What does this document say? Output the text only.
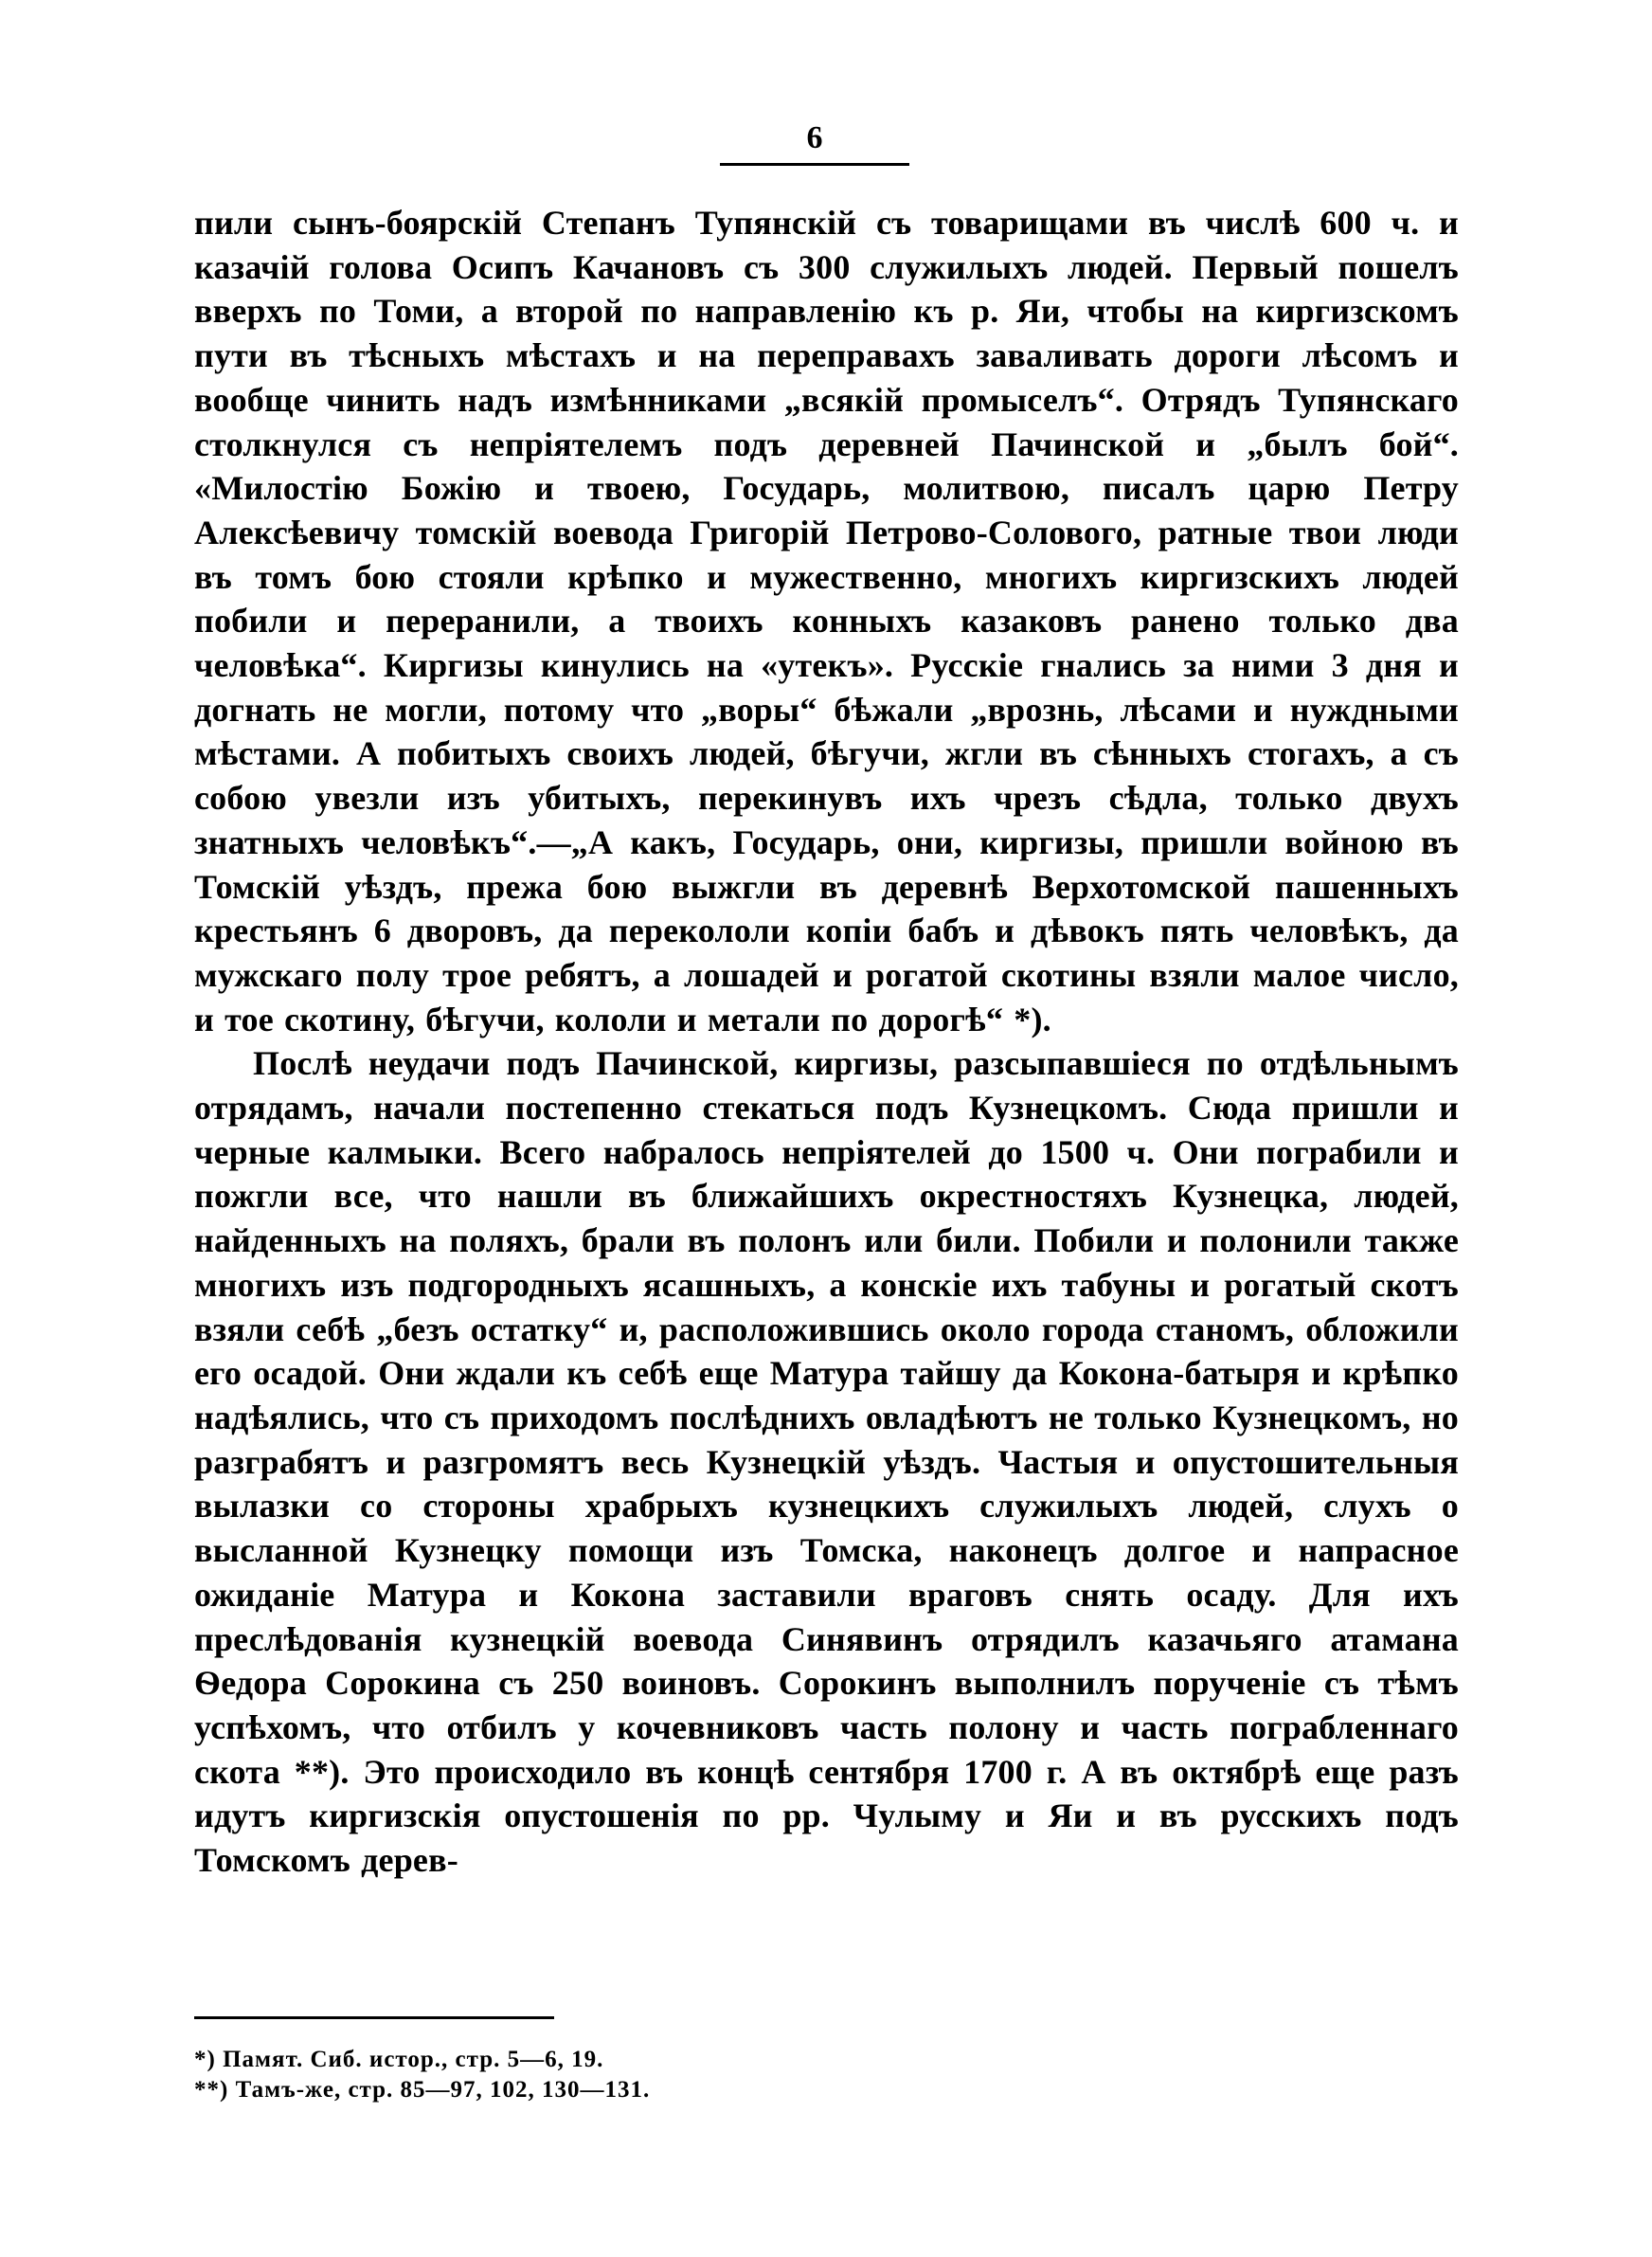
6

пили сынъ-боярскій Степанъ Тупянскій съ товарищами въ числѣ 600 ч. и казачій голова Осипъ Качановъ съ 300 служилыхъ людей. Первый пошелъ вверхъ по Томи, а второй по направленію къ р. Яи, чтобы на киргизскомъ пути въ тѣсныхъ мѣстахъ и на переправахъ заваливать дороги лѣсомъ и вообще чинить надъ измѣнниками „всякій промыселъ“. Отрядъ Тупянскаго столкнулся съ непріятелемъ подъ деревней Пачинской и „былъ бой“. «Милостію Божію и твоею, Государь, молитвою, писалъ царю Петру Алексѣевичу томскій воевода Григорій Петрово-Солового, ратные твои люди въ томъ бою стояли крѣпко и мужественно, многихъ киргизскихъ людей побили и переранили, а твоихъ конныхъ казаковъ ранено только два человѣка“. Киргизы кинулись на «утекъ». Русскіе гнались за ними 3 дня и догнать не могли, потому что „воры“ бѣжали „врознь, лѣсами и нуждными мѣстами. А побитыхъ своихъ людей, бѣгучи, жгли въ сѣнныхъ стогахъ, а съ собою увезли изъ убитыхъ, перекинувъ ихъ чрезъ сѣдла, только двухъ знатныхъ человѣкъ“.—„А какъ, Государь, они, киргизы, пришли войною въ Томскій уѣздъ, прежа бою выжгли въ деревнѣ Верхотомской пашенныхъ крестьянъ 6 дворовъ, да перекололи копіи бабъ и дѣвокъ пять человѣкъ, да мужскаго полу трое ребятъ, а лошадей и рогатой скотины взяли малое число, и тое скотину, бѣгучи, кололи и метали по дорогѣ“ *).

Послѣ неудачи подъ Пачинской, киргизы, разсыпавшіеся по отдѣльнымъ отрядамъ, начали постепенно стекаться подъ Кузнецкомъ. Сюда пришли и черные калмыки. Всего набралось непріятелей до 1500 ч. Они пограбили и пожгли все, что нашли въ ближайшихъ окрестностяхъ Кузнецка, людей, найденныхъ на поляхъ, брали въ полонъ или били. Побили и полонили также многихъ изъ подгородныхъ ясашныхъ, а конскіе ихъ табуны и рогатый скотъ взяли себѣ „безъ остатку“ и, расположившись около города станомъ, обложили его осадой. Они ждали къ себѣ еще Матура тайшу да Кокона-батыря и крѣпко надѣялись, что съ приходомъ послѣднихъ овладѣютъ не только Кузнецкомъ, но разграбятъ и разгромятъ весь Кузнецкій уѣздъ. Частыя и опустошительныя вылазки со стороны храбрыхъ кузнецкихъ служилыхъ людей, слухъ о высланной Кузнецку помощи изъ Томска, наконецъ долгое и напрасное ожиданіе Матура и Кокона заставили враговъ снять осаду. Для ихъ преслѣдованія кузнецкій воевода Синявинъ отрядилъ казачьяго атамана Ѳедора Сорокина съ 250 воиновъ. Сорокинъ выполнилъ порученіе съ тѣмъ успѣхомъ, что отбилъ у кочевниковъ часть полону и часть пограбленнаго скота **). Это происходило въ концѣ сентября 1700 г. А въ октябрѣ еще разъ идутъ киргизскія опустошенія по рр. Чулыму и Яи и въ русскихъ подъ Томскомъ дерев-

*) Памят. Сиб. истор., стр. 5—6, 19.

**) Тамъ-же, стр. 85—97, 102, 130—131.
